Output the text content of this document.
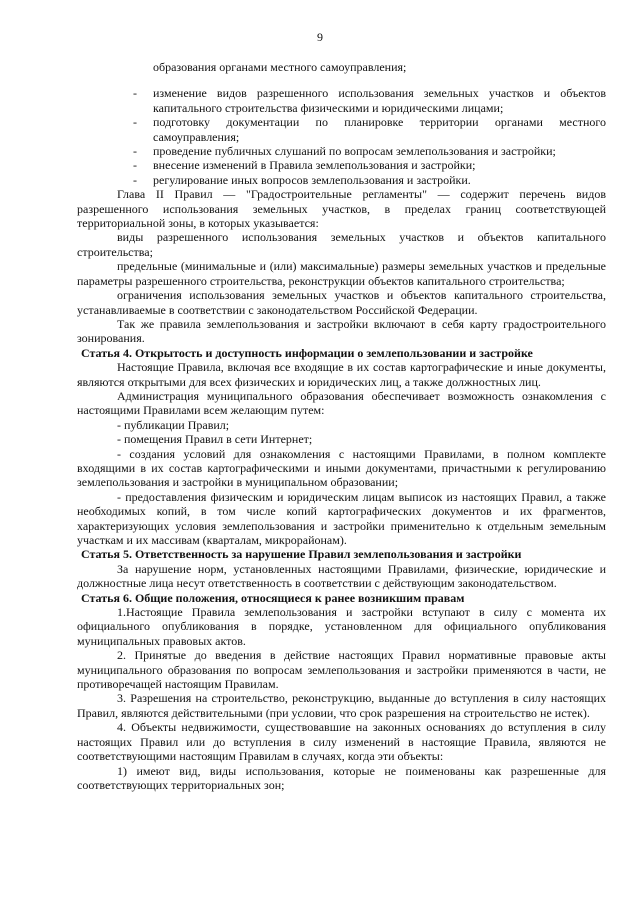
9

образования органами местного самоуправления;

- изменение видов разрешенного использования земельных участков и объектов капитального строительства физическими и юридическими лицами;
- подготовку документации по планировке территории органами местного самоуправления;
- проведение публичных слушаний по вопросам землепользования и застройки;
- внесение изменений в Правила землепользования и застройки;
- регулирование иных вопросов землепользования и застройки.

Глава II Правил — "Градостроительные регламенты" — содержит перечень видов разрешенного использования земельных участков, в пределах границ соответствующей территориальной зоны, в которых указывается:

виды разрешенного использования земельных участков и объектов капитального строительства;

предельные (минимальные и (или) максимальные) размеры земельных участков и предельные параметры разрешенного строительства, реконструкции объектов капитального строительства;

ограничения использования земельных участков и объектов капитального строительства, устанавливаемые в соответствии с законодательством Российской Федерации.

Так же правила землепользования и застройки включают в себя карту градостроительного зонирования.

Статья 4. Открытость и доступность информации о землепользовании и застройке

Настоящие Правила, включая все входящие в их состав картографические и иные документы, являются открытыми для всех физических и юридических лиц, а также должностных лиц.

Администрация муниципального образования обеспечивает возможность ознакомления с настоящими Правилами всем желающим путем:

- публикации Правил;

- помещения Правил в сети Интернет;

- создания условий для ознакомления с настоящими Правилами, в полном комплекте входящими в их состав картографическими и иными документами, причастными к регулированию землепользования и застройки в муниципальном образовании;

- предоставления физическим и юридическим лицам выписок из настоящих Правил, а также необходимых копий, в том числе копий картографических документов и их фрагментов, характеризующих условия землепользования и застройки применительно к отдельным земельным участкам и их массивам (кварталам, микрорайонам).

Статья 5. Ответственность за нарушение Правил землепользования и застройки

За нарушение норм, установленных настоящими Правилами, физические, юридические и должностные лица несут ответственность в соответствии с действующим законодательством.

Статья 6. Общие положения, относящиеся к ранее возникшим правам

1.Настоящие Правила землепользования и застройки вступают в силу с момента их официального опубликования в порядке, установленном для официального опубликования муниципальных правовых актов.

2. Принятые до введения в действие настоящих Правил нормативные правовые акты муниципального образования по вопросам землепользования и застройки применяются в части, не противоречащей настоящим Правилам.

3. Разрешения на строительство, реконструкцию, выданные до вступления в силу настоящих Правил, являются действительными (при условии, что срок разрешения на строительство не истек).

4. Объекты недвижимости, существовавшие на законных основаниях до вступления в силу настоящих Правил или до вступления в силу изменений в настоящие Правила, являются не соответствующими настоящим Правилам в случаях, когда эти объекты:

1) имеют вид, виды использования, которые не поименованы как разрешенные для соответствующих территориальных зон;
